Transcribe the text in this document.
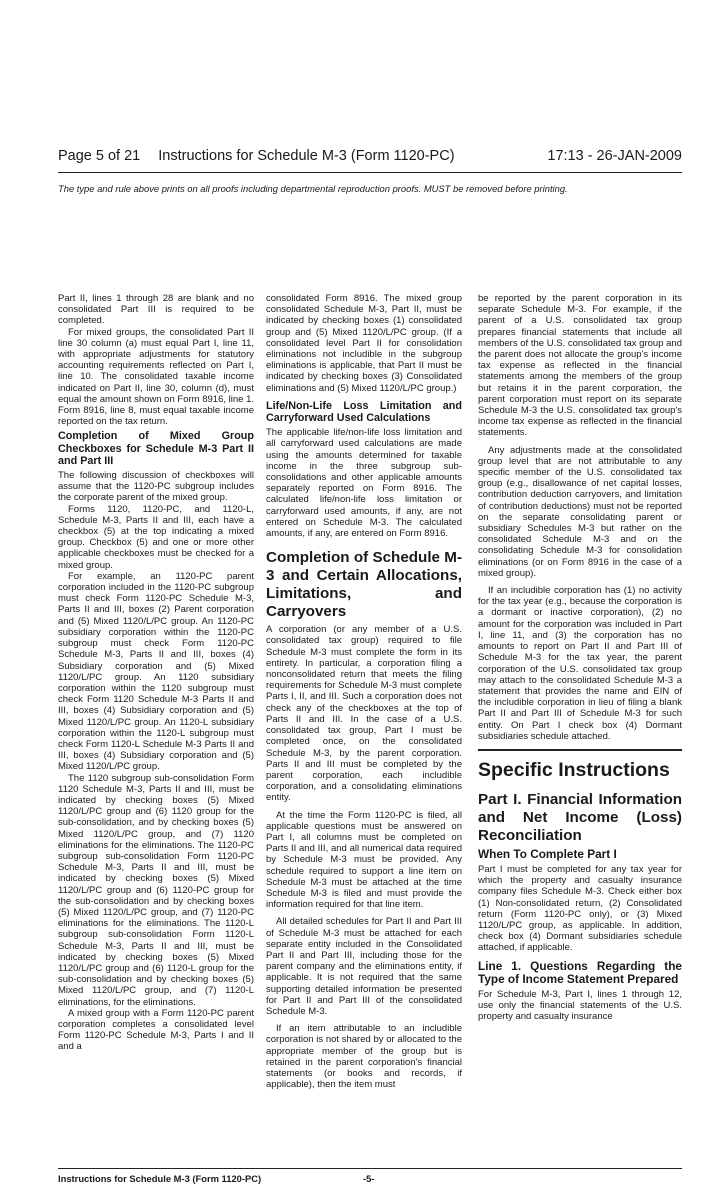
Page 5 of 21 Instructions for Schedule M-3 (Form 1120-PC)	17:13 - 26-JAN-2009
The type and rule above prints on all proofs including departmental reproduction proofs. MUST be removed before printing.

Part II, lines 1 through 28 are blank and no consolidated Part III is required to be completed.

For mixed groups, the consolidated Part II line 30 column (a) must equal Part I, line 11, with appropriate adjustments for statutory accounting requirements reflected on Part I, line 10. The consolidated taxable income indicated on Part II, line 30, column (d), must equal the amount shown on Form 8916, line 1. Form 8916, line 8, must equal taxable income reported on the tax return.

Completion of Mixed Group Checkboxes for Schedule M-3 Part II and Part III

The following discussion of checkboxes will assume that the 1120-PC subgroup includes the corporate parent of the mixed group.

Forms 1120, 1120-PC, and 1120-L, Schedule M-3, Parts II and III, each have a checkbox (5) at the top indicating a mixed group. Checkbox (5) and one or more other applicable checkboxes must be checked for a mixed group.

For example, an 1120-PC parent corporation included in the 1120-PC subgroup must check Form 1120-PC Schedule M-3, Parts II and III, boxes (2) Parent corporation and (5) Mixed 1120/L/PC group. An 1120-PC subsidiary corporation within the 1120-PC subgroup must check Form 1120-PC Schedule M-3, Parts II and III, boxes (4) Subsidiary corporation and (5) Mixed 1120/L/PC group. An 1120 subsidiary corporation within the 1120 subgroup must check Form 1120 Schedule M-3 Parts II and III, boxes (4) Subsidiary corporation and (5) Mixed 1120/L/PC group. An 1120-L subsidiary corporation within the 1120-L subgroup must check Form 1120-L Schedule M-3 Parts II and III, boxes (4) Subsidiary corporation and (5) Mixed 1120/L/PC group.

The 1120 subgroup sub-consolidation Form 1120 Schedule M-3, Parts II and III, must be indicated by checking boxes (5) Mixed 1120/L/PC group and (6) 1120 group for the sub-consolidation, and by checking boxes (5) Mixed 1120/L/PC group, and (7) 1120 eliminations for the eliminations. The 1120-PC subgroup sub-consolidation Form 1120-PC Schedule M-3, Parts II and III, must be indicated by checking boxes (5) Mixed 1120/L/PC group and (6) 1120-PC group for the sub-consolidation and by checking boxes (5) Mixed 1120/L/PC group, and (7) 1120-PC eliminations for the eliminations. The 1120-L subgroup sub-consolidation Form 1120-L Schedule M-3, Parts II and III, must be indicated by checking boxes (5) Mixed 1120/L/PC group and (6) 1120-L group for the sub-consolidation and by checking boxes (5) Mixed 1120/L/PC group, and (7) 1120-L eliminations, for the eliminations.

A mixed group with a Form 1120-PC parent corporation completes a consolidated level Form 1120-PC Schedule M-3, Parts I and II and a

consolidated Form 8916. The mixed group consolidated Schedule M-3, Part II, must be indicated by checking boxes (1) consolidated group and (5) Mixed 1120/L/PC group. (If a consolidated level Part II for consolidation eliminations not includible in the subgroup eliminations is applicable, that Part II must be indicated by checking boxes (3) Consolidated eliminations and (5) Mixed 1120/L/PC group.)

Life/Non-Life Loss Limitation and Carryforward Used Calculations

The applicable life/non-life loss limitation and all carryforward used calculations are made using the amounts determined for taxable income in the three subgroup sub-consolidations and other applicable amounts separately reported on Form 8916. The calculated life/non-life loss limitation or carryforward used amounts, if any, are not entered on Schedule M-3. The calculated amounts, if any, are entered on Form 8916.

Completion of Schedule M-3 and Certain Allocations, Limitations, and Carryovers

A corporation (or any member of a U.S. consolidated tax group) required to file Schedule M-3 must complete the form in its entirety. In particular, a corporation filing a nonconsolidated return that meets the filing requirements for Schedule M-3 must complete Parts I, II, and III. Such a corporation does not check any of the checkboxes at the top of Parts II and III. In the case of a U.S. consolidated tax group, Part I must be completed once, on the consolidated Schedule M-3, by the parent corporation. Parts II and III must be completed by the parent corporation, each includible corporation, and a consolidating eliminations entity.

At the time the Form 1120-PC is filed, all applicable questions must be answered on Part I, all columns must be completed on Parts II and III, and all numerical data required by Schedule M-3 must be provided. Any schedule required to support a line item on Schedule M-3 must be attached at the time Schedule M-3 is filed and must provide the information required for that line item.

All detailed schedules for Part II and Part III of Schedule M-3 must be attached for each separate entity included in the Consolidated Part II and Part III, including those for the parent company and the eliminations entity, if applicable. It is not required that the same supporting detailed information be presented for Part II and Part III of the consolidated Schedule M-3.

If an item attributable to an includible corporation is not shared by or allocated to the appropriate member of the group but is retained in the parent corporation's financial statements (or books and records, if applicable), then the item must

be reported by the parent corporation in its separate Schedule M-3. For example, if the parent of a U.S. consolidated tax group prepares financial statements that include all members of the U.S. consolidated tax group and the parent does not allocate the group's income tax expense as reflected in the financial statements among the members of the group but retains it in the parent corporation, the parent corporation must report on its separate Schedule M-3 the U.S. consolidated tax group's income tax expense as reflected in the financial statements.

Any adjustments made at the consolidated group level that are not attributable to any specific member of the U.S. consolidated tax group (e.g., disallowance of net capital losses, contribution deduction carryovers, and limitation of contribution deductions) must not be reported on the separate consolidating parent or subsidiary Schedules M-3 but rather on the consolidated Schedule M-3 and on the consolidating Schedule M-3 for consolidation eliminations (or on Form 8916 in the case of a mixed group).

If an includible corporation has (1) no activity for the tax year (e.g., because the corporation is a dormant or inactive corporation), (2) no amount for the corporation was included in Part I, line 11, and (3) the corporation has no amounts to report on Part II and Part III of Schedule M-3 for the tax year, the parent corporation of the U.S. consolidated tax group may attach to the consolidated Schedule M-3 a statement that provides the name and EIN of the includible corporation in lieu of filing a blank Part II and Part III of Schedule M-3 for such entity. On Part I check box (4) Dormant subsidiaries schedule attached.

Specific Instructions
Part I. Financial Information and Net Income (Loss) Reconciliation
When To Complete Part I

Part I must be completed for any tax year for which the property and casualty insurance company files Schedule M-3. Check either box (1) Non-consolidated return, (2) Consolidated return (Form 1120-PC only), or (3) Mixed 1120/L/PC group, as applicable. In addition, check box (4) Dormant subsidiaries schedule attached, if applicable.

Line 1. Questions Regarding the Type of Income Statement Prepared

For Schedule M-3, Part I, lines 1 through 12, use only the financial statements of the U.S. property and casualty insurance

Instructions for Schedule M-3 (Form 1120-PC)	-5-
